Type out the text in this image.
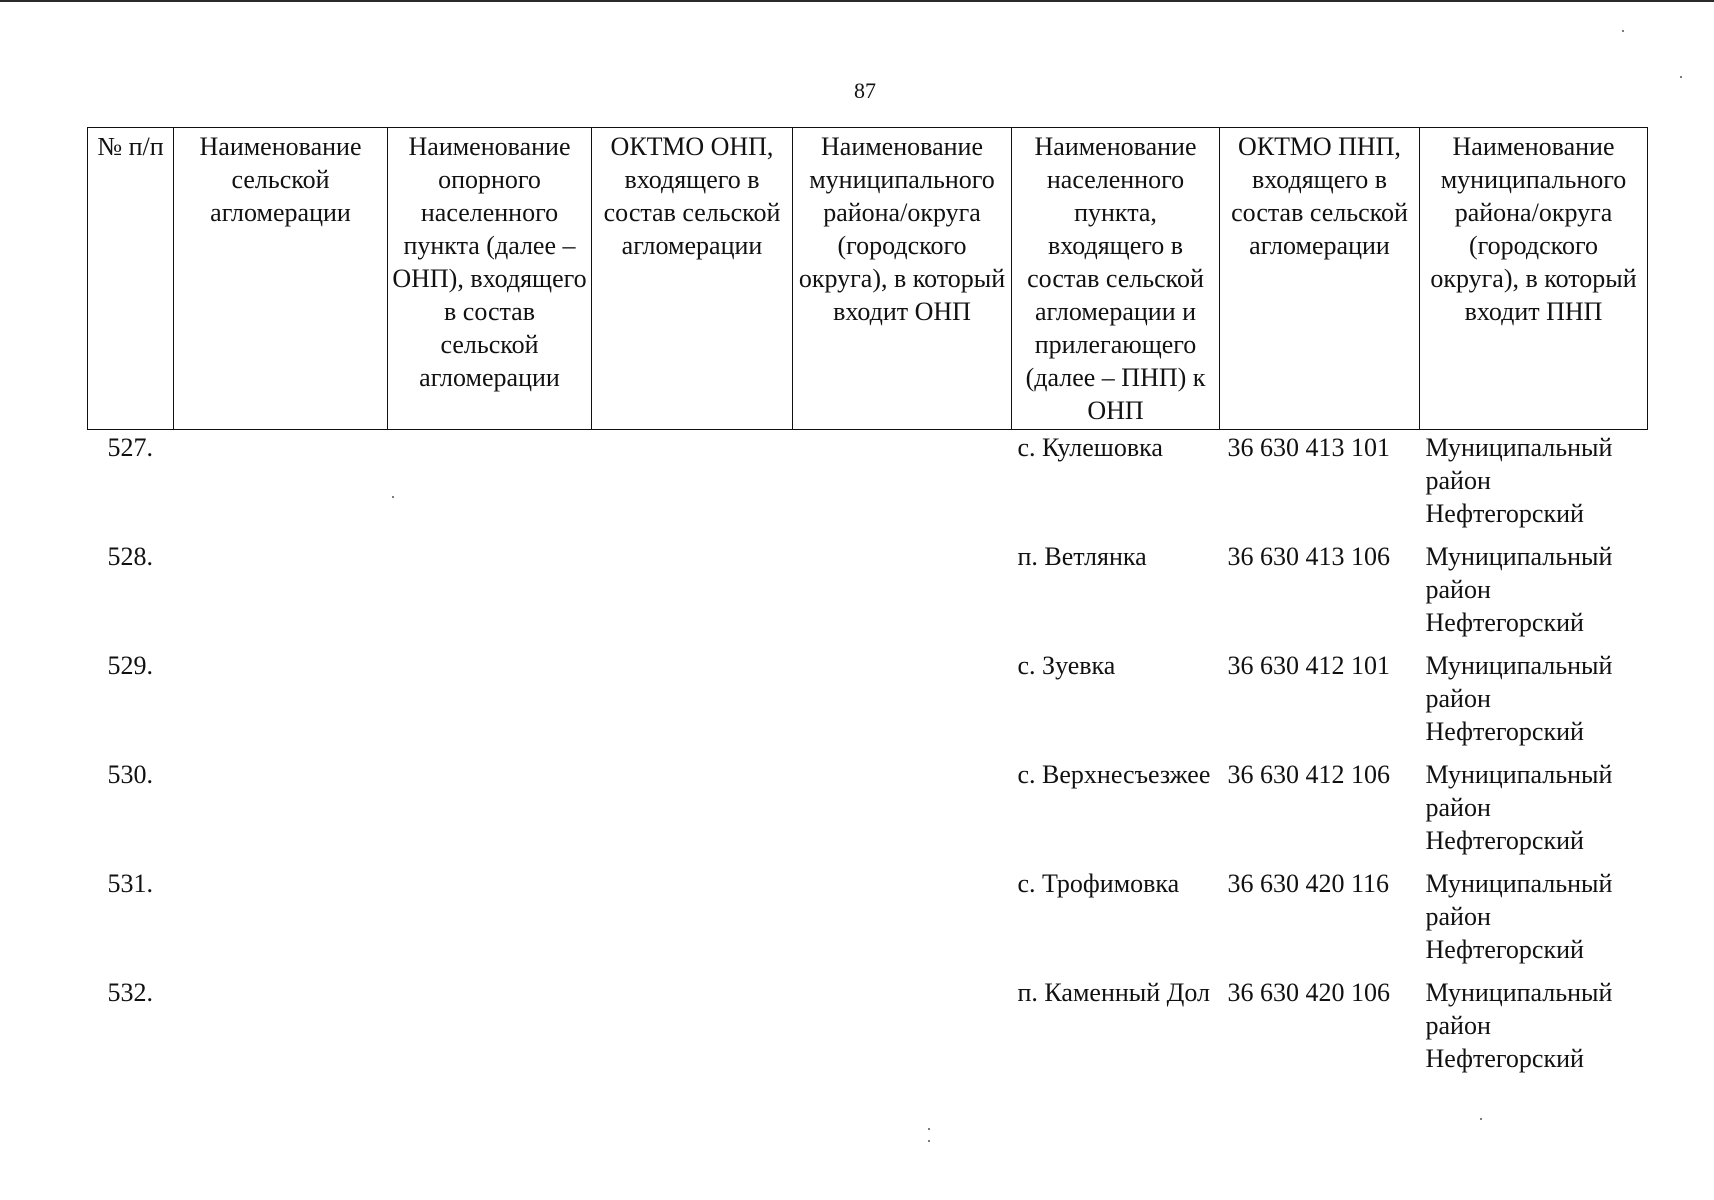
87
№ п/п	Наименование сельской агломерации	Наименование опорного населенного пункта (далее – ОНП), входящего в состав сельской агломерации	ОКТМО ОНП, входящего в состав сельской агломерации	Наименование муниципального района/округа (городского округа), в который входит ОНП	Наименование населенного пункта, входящего в состав сельской агломерации и прилегающего (далее – ПНП) к ОНП	ОКТМО ПНП, входящего в состав сельской агломерации	Наименование муниципального района/округа (городского округа), в который входит ПНП
527.					с. Кулешовка	36 630 413 101	Муниципальный район Нефтегорский
528.					п. Ветлянка	36 630 413 106	Муниципальный район Нефтегорский
529.					с. Зуевка	36 630 412 101	Муниципальный район Нефтегорский
530.					с. Верхнесъезжее	36 630 412 106	Муниципальный район Нефтегорский
531.					с. Трофимовка	36 630 420 116	Муниципальный район Нефтегорский
532.					п. Каменный Дол	36 630 420 106	Муниципальный район Нефтегорский
